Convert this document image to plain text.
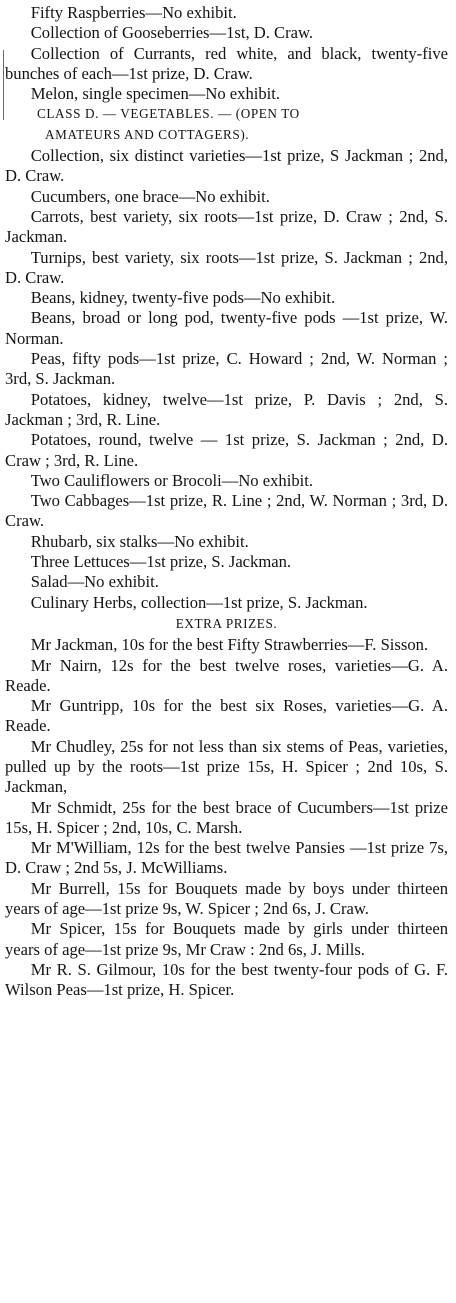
Fifty Raspberries—No exhibit.

Collection of Gooseberries—1st, D. Craw.

Collection of Currants, red white, and black, twenty-five bunches of each—1st prize, D. Craw.

Melon, single specimen—No exhibit.

CLASS D. — VEGETABLES. — (OPEN TO
AMATEURS AND COTTAGERS).

Collection, six distinct varieties—1st prize, S Jackman ; 2nd, D. Craw.

Cucumbers, one brace—No exhibit.

Carrots, best variety, six roots—1st prize, D. Craw ; 2nd, S. Jackman.

Turnips, best variety, six roots—1st prize, S. Jackman ; 2nd, D. Craw.

Beans, kidney, twenty-five pods—No exhibit.

Beans, broad or long pod, twenty-five pods —1st prize, W. Norman.

Peas, fifty pods—1st prize, C. Howard ; 2nd, W. Norman ; 3rd, S. Jackman.

Potatoes, kidney, twelve—1st prize, P. Davis ; 2nd, S. Jackman ; 3rd, R. Line.

Potatoes, round, twelve — 1st prize, S. Jackman ; 2nd, D. Craw ; 3rd, R. Line.

Two Cauliflowers or Brocoli—No exhibit.

Two Cabbages—1st prize, R. Line ; 2nd, W. Norman ; 3rd, D. Craw.

Rhubarb, six stalks—No exhibit.

Three Lettuces—1st prize, S. Jackman.

Salad—No exhibit.

Culinary Herbs, collection—1st prize, S. Jackman.

EXTRA PRIZES.

Mr Jackman, 10s for the best Fifty Strawberries—F. Sisson.

Mr Nairn, 12s for the best twelve roses, varieties—G. A. Reade.

Mr Guntripp, 10s for the best six Roses, varieties—G. A. Reade.

Mr Chudley, 25s for not less than six stems of Peas, varieties, pulled up by the roots—1st prize 15s, H. Spicer ; 2nd 10s, S. Jackman,

Mr Schmidt, 25s for the best brace of Cucumbers—1st prize 15s, H. Spicer ; 2nd, 10s, C. Marsh.

Mr M'William, 12s for the best twelve Pansies —1st prize 7s, D. Craw ; 2nd 5s, J. McWilliams.

Mr Burrell, 15s for Bouquets made by boys under thirteen years of age—1st prize 9s, W. Spicer ; 2nd 6s, J. Craw.

Mr Spicer, 15s for Bouquets made by girls under thirteen years of age—1st prize 9s, Mr Craw : 2nd 6s, J. Mills.

Mr R. S. Gilmour, 10s for the best twenty-four pods of G. F. Wilson Peas—1st prize, H. Spicer.
